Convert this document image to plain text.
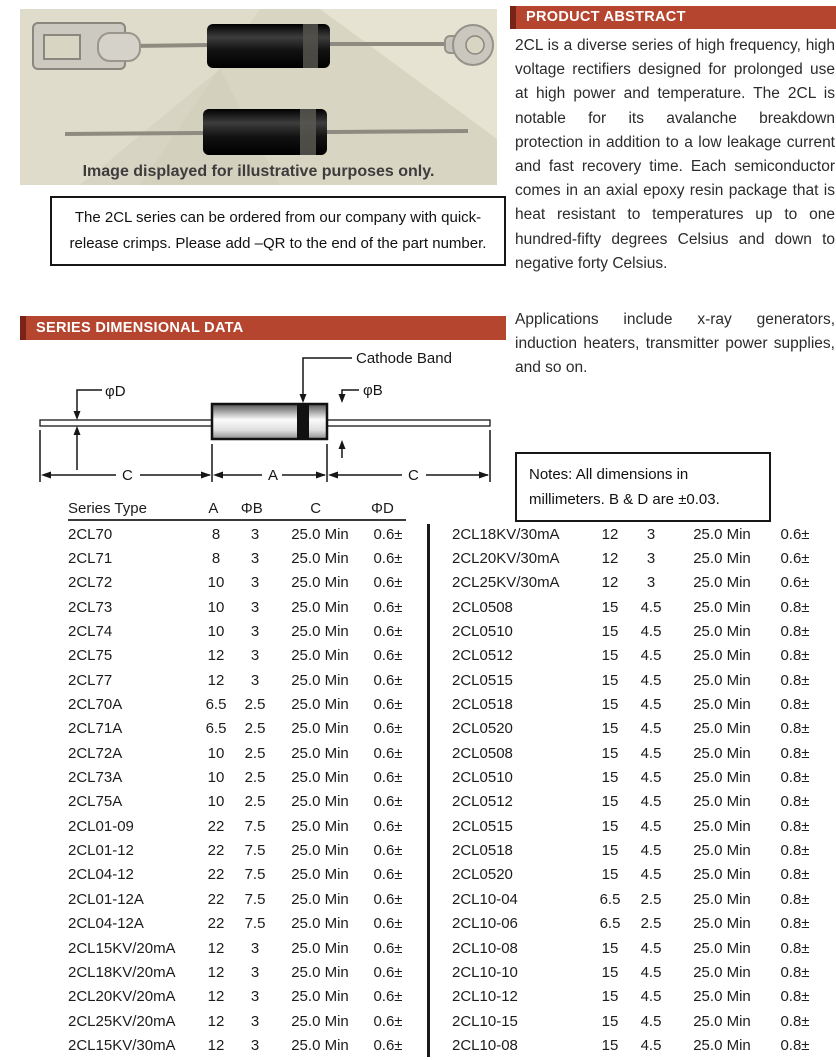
Image displayed for illustrative purposes only.
The 2CL series can be ordered from our company with quick-release crimps. Please add –QR to the end of the part number.
PRODUCT ABSTRACT
2CL is a diverse series of high frequency, high voltage rectifiers designed for prolonged use at high power and temperature. The 2CL is notable for its avalanche breakdown protection in addition to a low leakage current and fast recovery time. Each semiconductor comes in an axial epoxy resin package that is heat resistant to temperatures up to one hundred-fifty degrees Celsius and down to negative forty Celsius.
Applications include x-ray generators, induction heaters, transmitter power supplies, and so on.
Notes: All dimensions in millimeters. B & D are ±0.03.
SERIES DIMENSIONAL DATA
φD
Cathode Band
φB
C	A	C
Series Type	A	ΦB	C	ΦD
2CL70	8	3	25.0 Min	0.6±
2CL71	8	3	25.0 Min	0.6±
2CL72	10	3	25.0 Min	0.6±
2CL73	10	3	25.0 Min	0.6±
2CL74	10	3	25.0 Min	0.6±
2CL75	12	3	25.0 Min	0.6±
2CL77	12	3	25.0 Min	0.6±
2CL70A	6.5	2.5	25.0 Min	0.6±
2CL71A	6.5	2.5	25.0 Min	0.6±
2CL72A	10	2.5	25.0 Min	0.6±
2CL73A	10	2.5	25.0 Min	0.6±
2CL75A	10	2.5	25.0 Min	0.6±
2CL01-09	22	7.5	25.0 Min	0.6±
2CL01-12	22	7.5	25.0 Min	0.6±
2CL04-12	22	7.5	25.0 Min	0.6±
2CL01-12A	22	7.5	25.0 Min	0.6±
2CL04-12A	22	7.5	25.0 Min	0.6±
2CL15KV/20mA	12	3	25.0 Min	0.6±
2CL18KV/20mA	12	3	25.0 Min	0.6±
2CL20KV/20mA	12	3	25.0 Min	0.6±
2CL25KV/20mA	12	3	25.0 Min	0.6±
2CL15KV/30mA	12	3	25.0 Min	0.6±
2CL18KV/30mA	12	3	25.0 Min	0.6±
2CL20KV/30mA	12	3	25.0 Min	0.6±
2CL25KV/30mA	12	3	25.0 Min	0.6±
2CL0508	15	4.5	25.0 Min	0.8±
2CL0510	15	4.5	25.0 Min	0.8±
2CL0512	15	4.5	25.0 Min	0.8±
2CL0515	15	4.5	25.0 Min	0.8±
2CL0518	15	4.5	25.0 Min	0.8±
2CL0520	15	4.5	25.0 Min	0.8±
2CL0508	15	4.5	25.0 Min	0.8±
2CL0510	15	4.5	25.0 Min	0.8±
2CL0512	15	4.5	25.0 Min	0.8±
2CL0515	15	4.5	25.0 Min	0.8±
2CL0518	15	4.5	25.0 Min	0.8±
2CL0520	15	4.5	25.0 Min	0.8±
2CL10-04	6.5	2.5	25.0 Min	0.8±
2CL10-06	6.5	2.5	25.0 Min	0.8±
2CL10-08	15	4.5	25.0 Min	0.8±
2CL10-10	15	4.5	25.0 Min	0.8±
2CL10-12	15	4.5	25.0 Min	0.8±
2CL10-15	15	4.5	25.0 Min	0.8±
2CL10-08	15	4.5	25.0 Min	0.8±
